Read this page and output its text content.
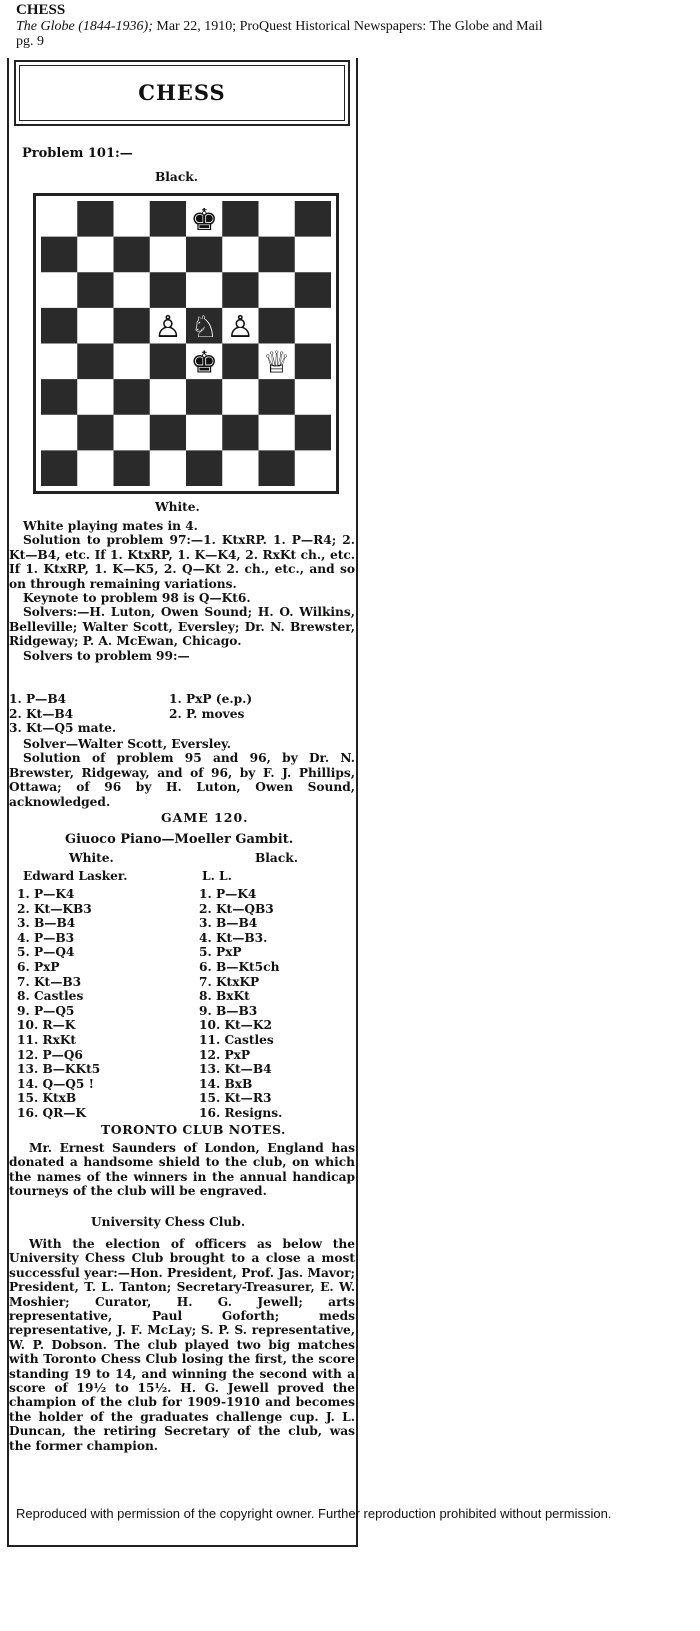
CHESS
The Globe (1844-1936); Mar 22, 1910; ProQuest Historical Newspapers: The Globe and Mail
pg. 9
CHESS
Problem 101:—
Black.
White.

White playing mates in 4.

Solution to problem 97:—1. KtxRP. 1. P—R4; 2. Kt—B4, etc. If 1. KtxRP, 1. K—K4, 2. RxKt ch., etc. If 1. KtxRP, 1. K—K5, 2. Q—Kt 2. ch., etc., and so on through remaining variations.

Keynote to problem 98 is Q—Kt6.

Solvers:—H. Luton, Owen Sound; H. O. Wilkins, Belleville; Walter Scott, Eversley; Dr. N. Brewster, Ridgeway; P. A. McEwan, Chicago.

Solvers to problem 99:—

1. P—B4	1. PxP (e.p.)
2. Kt—B4	2. P. moves
3. Kt—Q5 mate.

Solver—Walter Scott, Eversley.

Solution of problem 95 and 96, by Dr. N. Brewster, Ridgeway, and of 96, by F. J. Phillips, Ottawa; of 96 by H. Luton, Owen Sound, acknowledged.

GAME 120.
Giuoco Piano—Moeller Gambit.
White.	Black.
Edward Lasker.	L. L.
1. P—K4	1. P—K4
2. Kt—KB3	2. Kt—QB3
3. B—B4	3. B—B4
4. P—B3	4. Kt—B3.
5. P—Q4	5. PxP
6. PxP	6. B—Kt5ch
7. Kt—B3	7. KtxKP
8. Castles	8. BxKt
9. P—Q5	9. B—B3
10. R—K	10. Kt—K2
11. RxKt	11. Castles
12. P—Q6	12. PxP
13. B—KKt5	13. Kt—B4
14. Q—Q5 !	14. BxB
15. KtxB	15. Kt—R3
16. QR—K	16. Resigns.
TORONTO CLUB NOTES.

Mr. Ernest Saunders of London, England has donated a handsome shield to the club, on which the names of the winners in the annual handicap tourneys of the club will be engraved.

University Chess Club.

With the election of officers as below the University Chess Club brought to a close a most successful year:—Hon. President, Prof. Jas. Mavor; President, T. L. Tanton; Secretary-Treasurer, E. W. Moshier; Curator, H. G. Jewell; arts representative, Paul Goforth; meds representative, J. F. McLay; S. P. S. representative, W. P. Dobson. The club played two big matches with Toronto Chess Club losing the first, the score standing 19 to 14, and winning the second with a score of 19½ to 15½. H. G. Jewell proved the champion of the club for 1909-1910 and becomes the holder of the graduates challenge cup. J. L. Duncan, the retiring Secretary of the club, was the former champion.

Reproduced with permission of the copyright owner. Further reproduction prohibited without permission.
